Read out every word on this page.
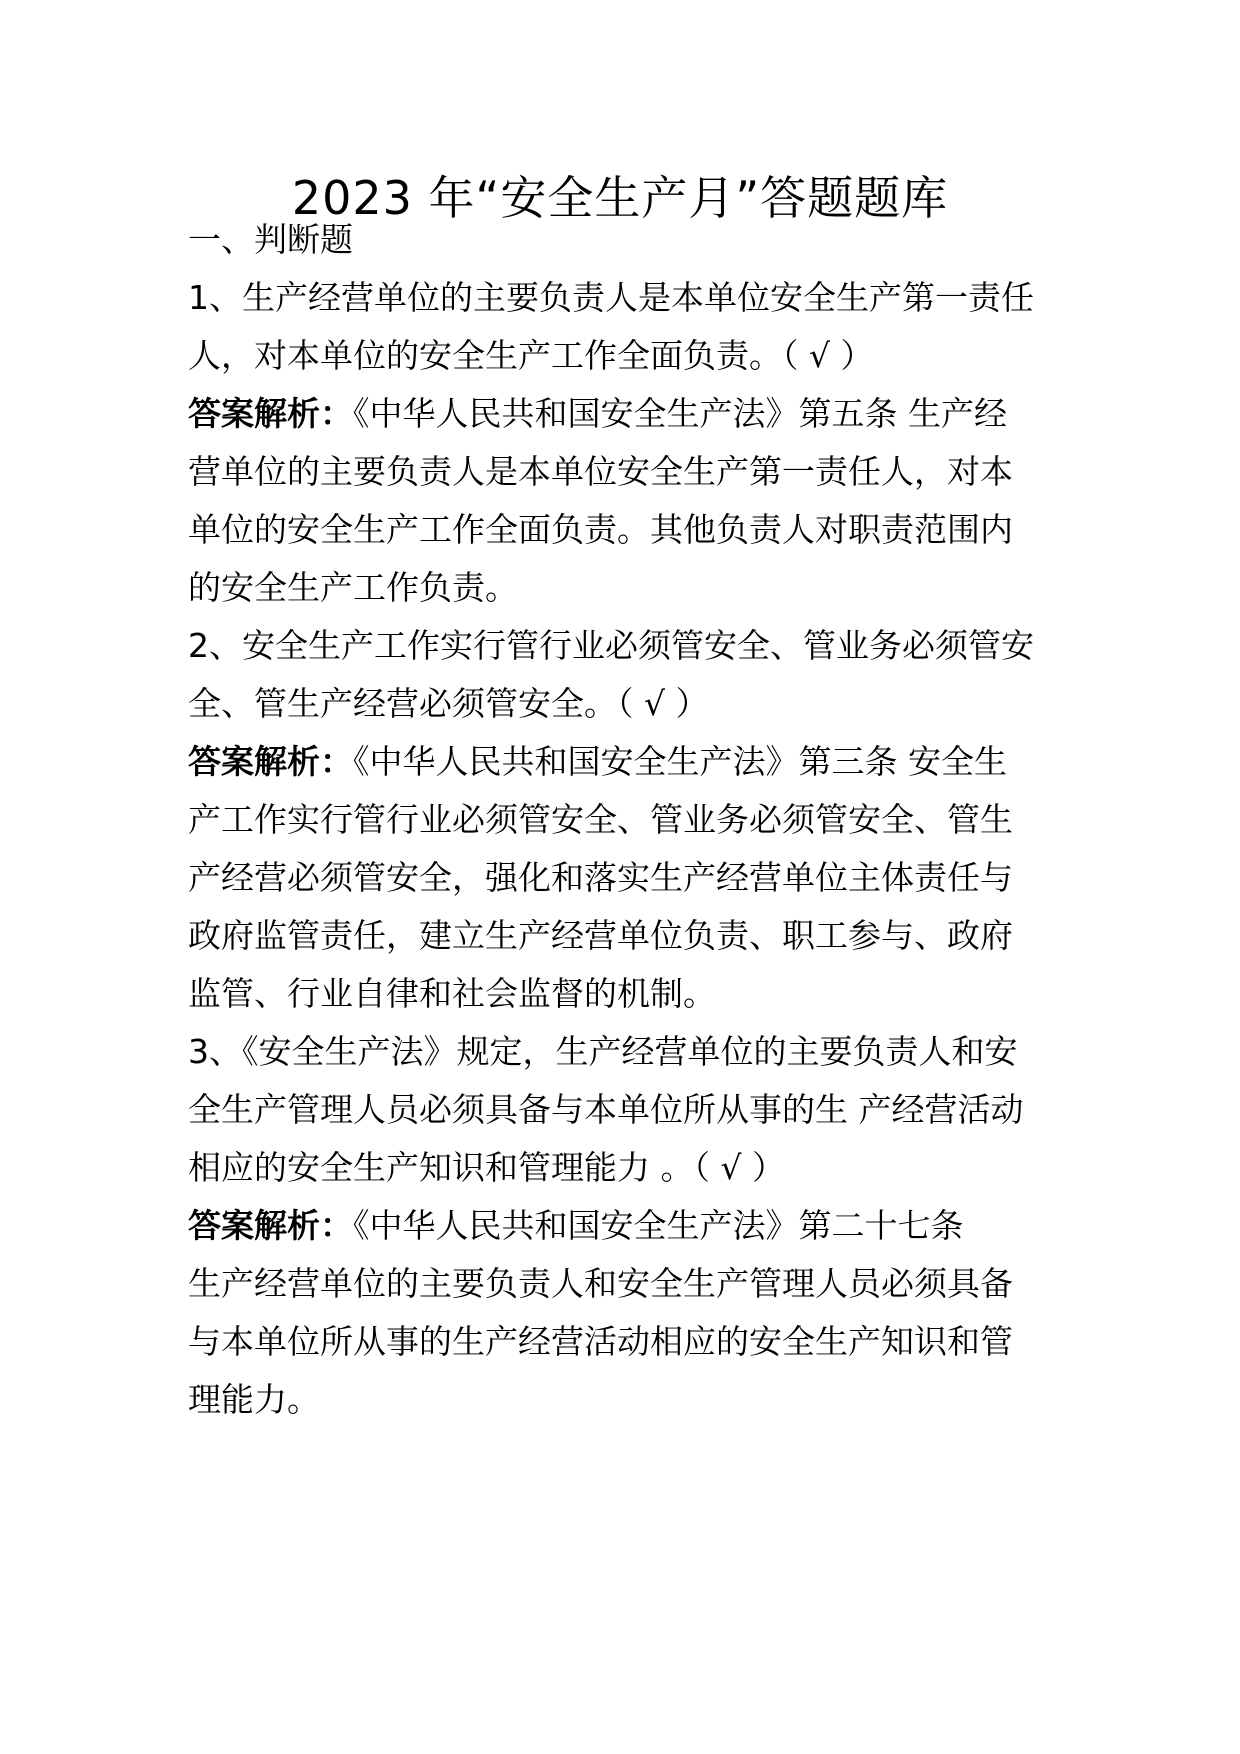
2023 年“安全生产月”答题题库
一、判断题
1、生产经营单位的主要负责人是本单位安全生产第一责任
人，对本单位的安全生产工作全面负责。（ √ ）
答案解析：《中华人民共和国安全生产法》第五条 生产经
营单位的主要负责人是本单位安全生产第一责任人，对本
单位的安全生产工作全面负责。其他负责人对职责范围内
的安全生产工作负责。
2、安全生产工作实行管行业必须管安全、管业务必须管安
全、管生产经营必须管安全。（ √ ）
答案解析：《中华人民共和国安全生产法》第三条 安全生
产工作实行管行业必须管安全、管业务必须管安全、管生
产经营必须管安全，强化和落实生产经营单位主体责任与
政府监管责任，建立生产经营单位负责、职工参与、政府
监管、行业自律和社会监督的机制。
3、《安全生产法》规定，生产经营单位的主要负责人和安
全生产管理人员必须具备与本单位所从事的生 产经营活动
相应的安全生产知识和管理能力 。（ √ ）
答案解析：《中华人民共和国安全生产法》第二十七条
生产经营单位的主要负责人和安全生产管理人员必须具备
与本单位所从事的生产经营活动相应的安全生产知识和管
理能力。
